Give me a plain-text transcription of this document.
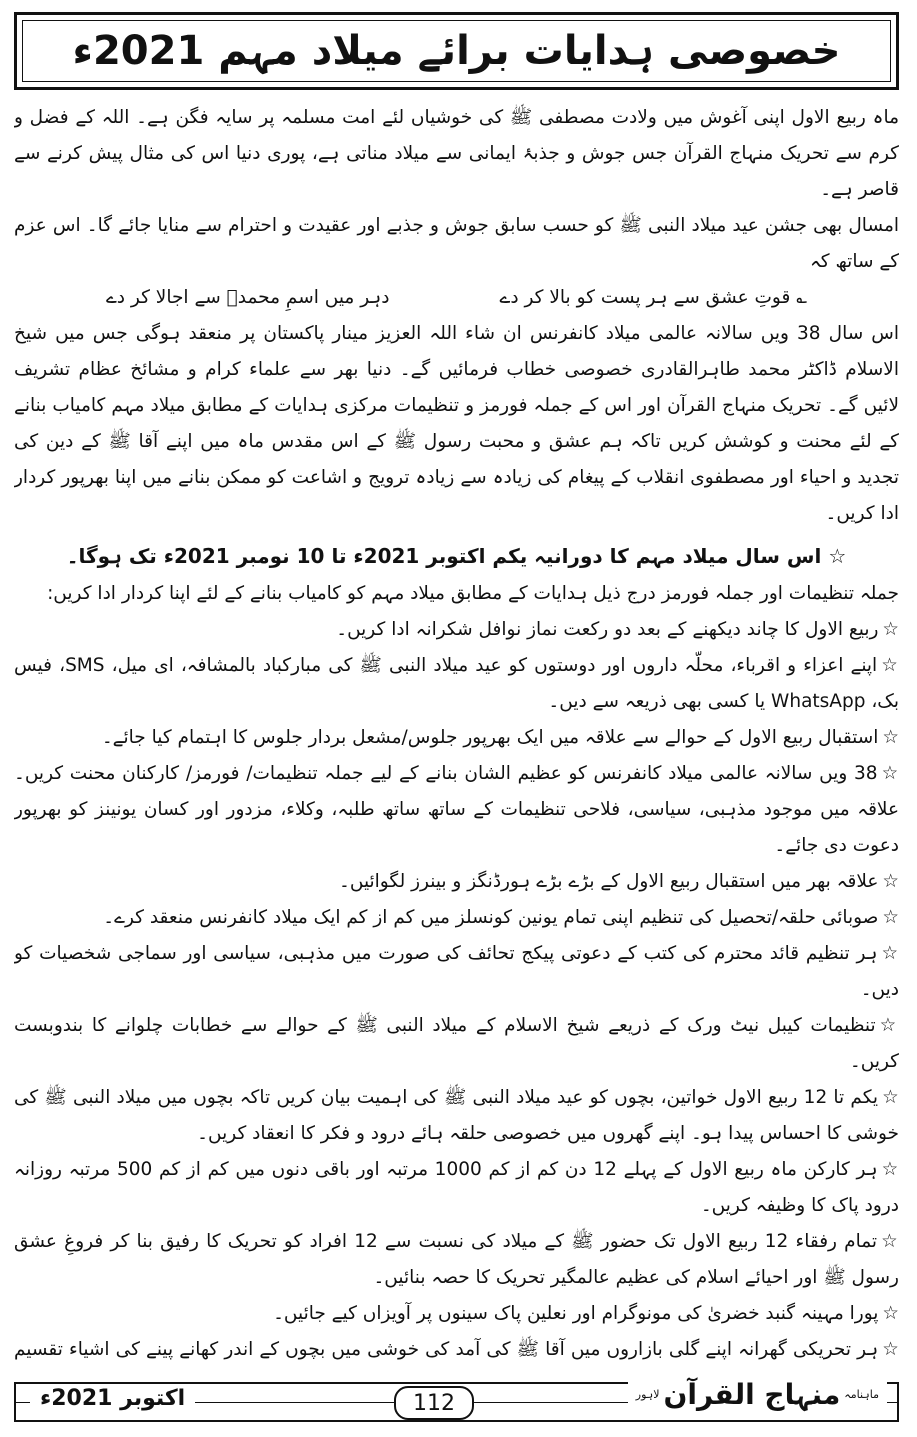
خصوصی ہدایات برائے میلاد مہم 2021ء

ماہ ربیع الاول اپنی آغوش میں ولادت مصطفی ﷺ کی خوشیاں لئے امت مسلمہ پر سایہ فگن ہے۔ اللہ کے فضل و کرم سے تحریک منہاج القرآن جس جوش و جذبۂ ایمانی سے میلاد مناتی ہے، پوری دنیا اس کی مثال پیش کرنے سے قاصر ہے۔

امسال بھی جشن عید میلاد النبی ﷺ کو حسب سابق جوش و جذبے اور عقیدت و احترام سے منایا جائے گا۔ اس عزم کے ساتھ کہ

؎ قوتِ عشق سے ہر پست کو بالا کر دے
دہر میں اسمِ محمدؐ سے اجالا کر دے

اس سال 38 ویں سالانہ عالمی میلاد کانفرنس ان شاء اللہ العزیز مینار پاکستان پر منعقد ہوگی جس میں شیخ الاسلام ڈاکٹر محمد طاہرالقادری خصوصی خطاب فرمائیں گے۔ دنیا بھر سے علماء کرام و مشائخ عظام تشریف لائیں گے۔ تحریک منہاج القرآن اور اس کے جملہ فورمز و تنظیمات مرکزی ہدایات کے مطابق میلاد مہم کامیاب بنانے کے لئے محنت و کوشش کریں تاکہ ہم عشق و محبت رسول ﷺ کے اس مقدس ماہ میں اپنے آقا ﷺ کے دین کی تجدید و احیاء اور مصطفوی انقلاب کے پیغام کی زیادہ سے زیادہ ترویج و اشاعت کو ممکن بنانے میں اپنا بھرپور کردار ادا کریں۔

☆ اس سال میلاد مہم کا دورانیہ یکم اکتوبر 2021ء تا 10 نومبر 2021ء تک ہوگا۔

جملہ تنظیمات اور جملہ فورمز درج ذیل ہدایات کے مطابق میلاد مہم کو کامیاب بنانے کے لئے اپنا کردار ادا کریں:

☆ربیع الاول کا چاند دیکھنے کے بعد دو رکعت نماز نوافل شکرانہ ادا کریں۔

☆اپنے اعزاء و اقرباء، محلّہ داروں اور دوستوں کو عید میلاد النبی ﷺ کی مبارکباد بالمشافہ، ای میل، SMS، فیس بک، WhatsApp یا کسی بھی ذریعہ سے دیں۔

☆استقبال ربیع الاول کے حوالے سے علاقہ میں ایک بھرپور جلوس/مشعل بردار جلوس کا اہتمام کیا جائے۔

☆38 ویں سالانہ عالمی میلاد کانفرنس کو عظیم الشان بنانے کے لیے جملہ تنظیمات/ فورمز/ کارکنان محنت کریں۔ علاقہ میں موجود مذہبی، سیاسی، فلاحی تنظیمات کے ساتھ ساتھ طلبہ، وکلاء، مزدور اور کسان یونینز کو بھرپور دعوت دی جائے۔

☆علاقہ بھر میں استقبال ربیع الاول کے بڑے بڑے ہورڈنگز و بینرز لگوائیں۔

☆صوبائی حلقہ/تحصیل کی تنظیم اپنی تمام یونین کونسلز میں کم از کم ایک میلاد کانفرنس منعقد کرے۔

☆ہر تنظیم قائد محترم کی کتب کے دعوتی پیکج تحائف کی صورت میں مذہبی، سیاسی اور سماجی شخصیات کو دیں۔

☆تنظیمات کیبل نیٹ ورک کے ذریعے شیخ الاسلام کے میلاد النبی ﷺ کے حوالے سے خطابات چلوانے کا بندوبست کریں۔

☆یکم تا 12 ربیع الاول خواتین، بچوں کو عید میلاد النبی ﷺ کی اہمیت بیان کریں تاکہ بچوں میں میلاد النبی ﷺ کی خوشی کا احساس پیدا ہو۔ اپنے گھروں میں خصوصی حلقہ ہائے درود و فکر کا انعقاد کریں۔

☆ہر کارکن ماہ ربیع الاول کے پہلے 12 دن کم از کم 1000 مرتبہ اور باقی دنوں میں کم از کم 500 مرتبہ روزانہ درود پاک کا وظیفہ کریں۔

☆تمام رفقاء 12 ربیع الاول تک حضور ﷺ کے میلاد کی نسبت سے 12 افراد کو تحریک کا رفیق بنا کر فروغِ عشق رسول ﷺ اور احیائے اسلام کی عظیم عالمگیر تحریک کا حصہ بنائیں۔

☆پورا مہینہ گنبد خضریٰ کی مونوگرام اور نعلین پاک سینوں پر آویزاں کیے جائیں۔

☆ہر تحریکی گھرانہ اپنے گلی بازاروں میں آقا ﷺ کی آمد کی خوشی میں بچوں کے اندر کھانے پینے کی اشیاء تقسیم

اکتوبر 2021ء	112	ماہنامہ
منہاج القرآن
لاہور
